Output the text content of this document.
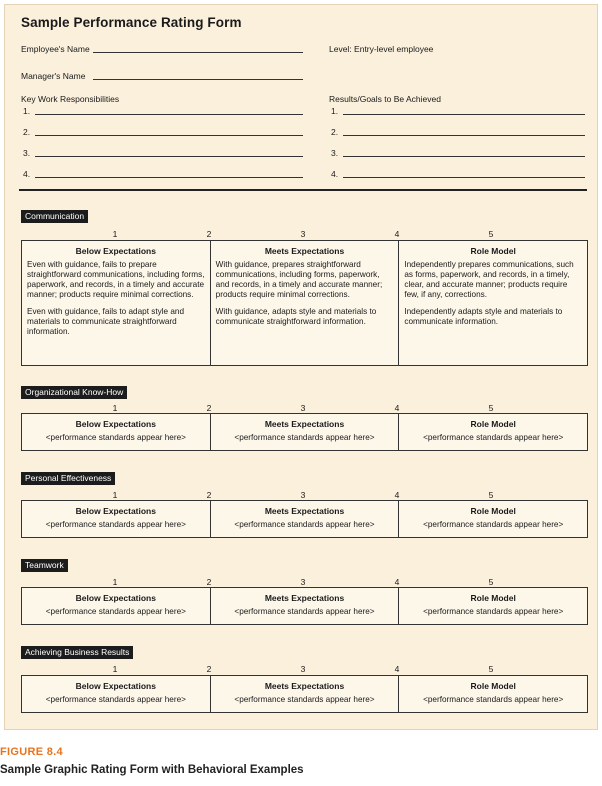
Sample Performance Rating Form
Employee's Name	Level: Entry-level employee
Manager's Name
Key Work Responsibilities	Results/Goals to Be Achieved
1.
2.
3.
4.
1.
2.
3.
4.
Communication
1	2	3	4	5
Below Expectations

Even with guidance, fails to prepare straightforward communications, including forms, paperwork, and records, in a timely and accurate manner; products require minimal corrections.

Even with guidance, fails to adapt style and materials to communicate straightforward information.

Meets Expectations

With guidance, prepares straightforward communications, including forms, paperwork, and records, in a timely and accurate manner; products require minimal corrections.

With guidance, adapts style and materials to communicate straightforward information.

Role Model

Independently prepares communications, such as forms, paperwork, and records, in a timely, clear, and accurate manner; products require few, if any, corrections.

Independently adapts style and materials to communicate information.

Organizational Know-How
1	2	3	4	5
Below Expectations
<performance standards appear here>
Meets Expectations
<performance standards appear here>
Role Model
<performance standards appear here>
Personal Effectiveness
1	2	3	4	5
Below Expectations
<performance standards appear here>
Meets Expectations
<performance standards appear here>
Role Model
<performance standards appear here>
Teamwork
1	2	3	4	5
Below Expectations
<performance standards appear here>
Meets Expectations
<performance standards appear here>
Role Model
<performance standards appear here>
Achieving Business Results
1	2	3	4	5
Below Expectations
<performance standards appear here>
Meets Expectations
<performance standards appear here>
Role Model
<performance standards appear here>
FIGURE 8.4
Sample Graphic Rating Form with Behavioral Examples
